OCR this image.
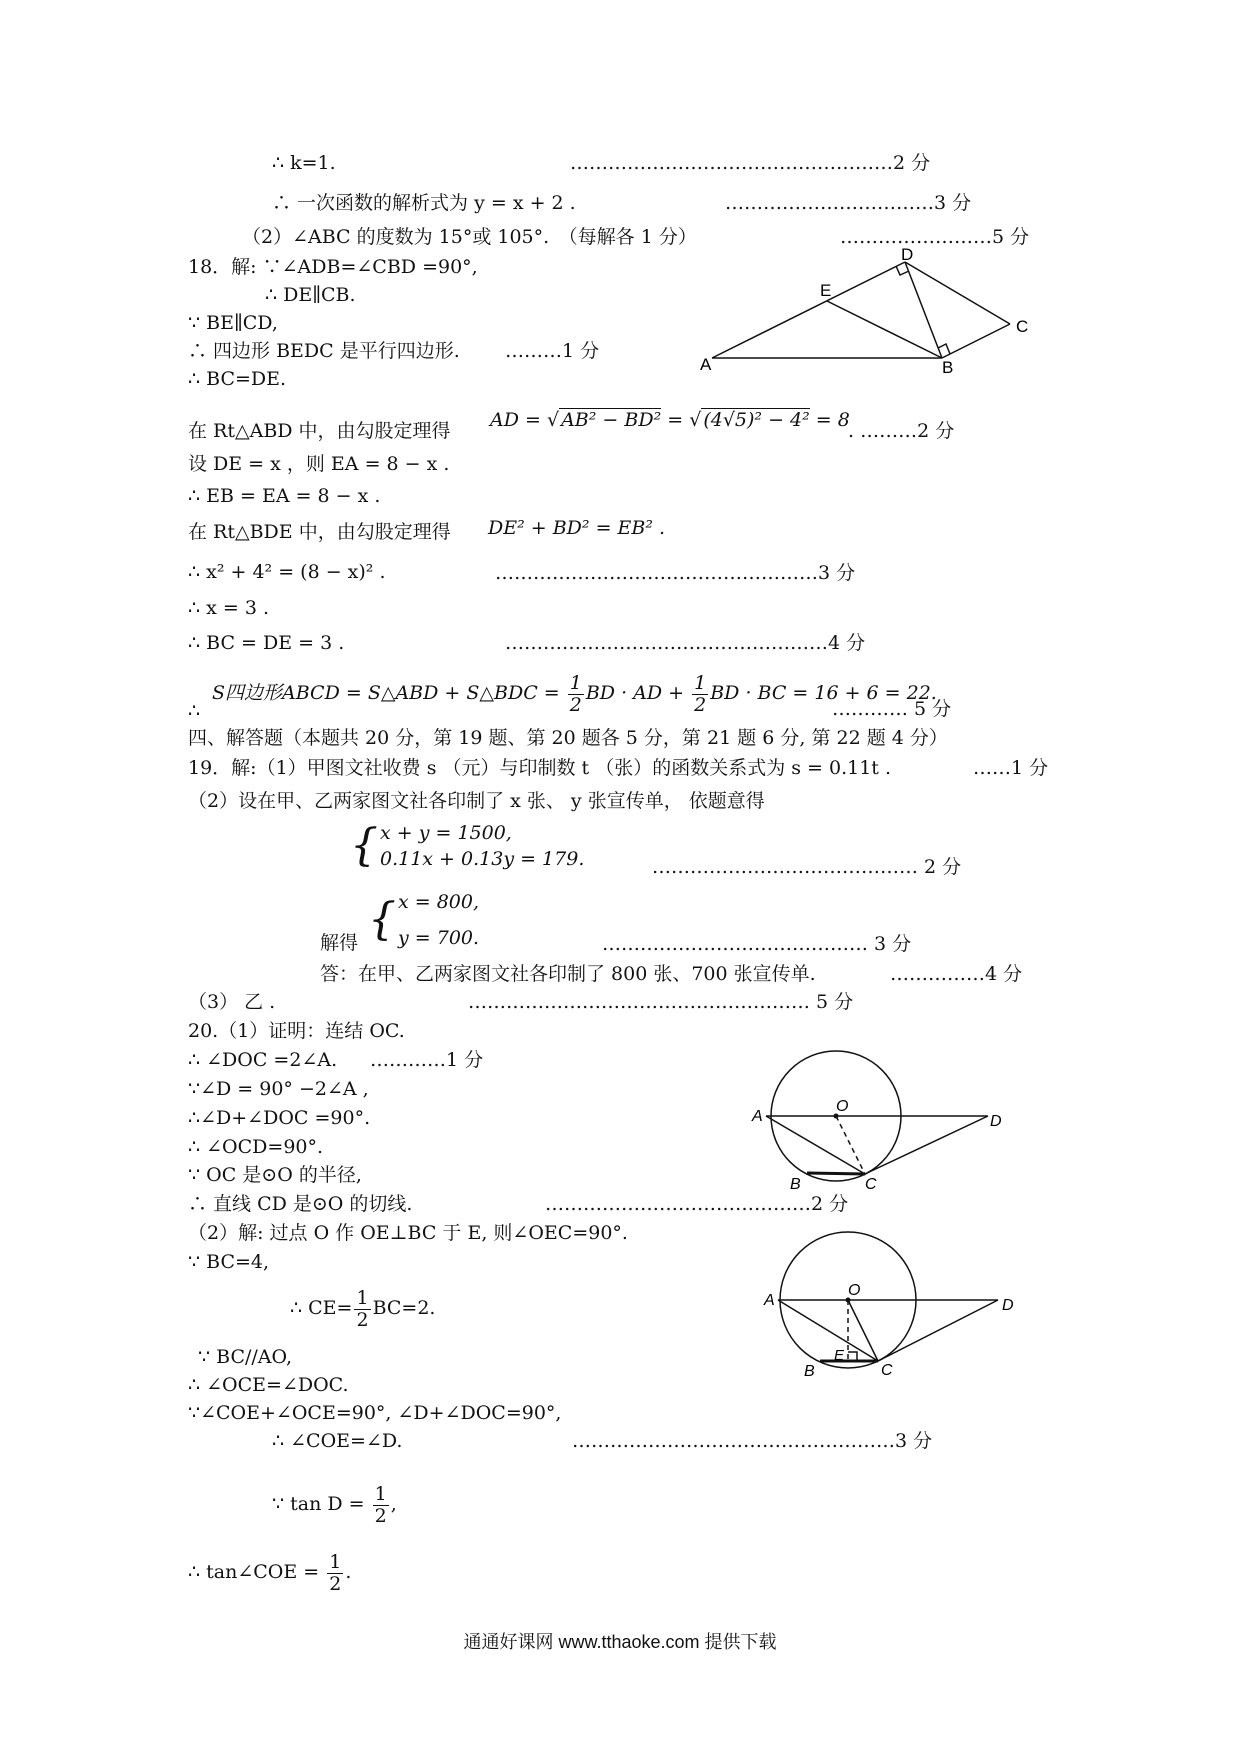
∴ k=1.	……………………………………………2 分
∴ 一次函数的解析式为 y = x + 2 .	……………………………3 分
（2）∠ABC 的度数为 15°或 105°.　（每解各 1 分）	……………………5 分
18．解: ∵∠ADB=∠CBD =90°,
∴ DE∥CB.
∵ BE∥CD,
∴ 四边形 BEDC 是平行四边形. ………1 分
∴ BC=DE.
A	B
C
D
E
在 Rt△ABD 中，由勾股定理得 AD = √ AB² − BD² = √ (4√5)² − 4² = 8
. ………2 分
设 DE = x ，则 EA = 8 − x .
∴ EB = EA = 8 − x .
在 Rt△BDE 中，由勾股定理得 DE² + BD² = EB² .
∴ x² + 4² = (8 − x)² .	……………………………………………3 分
∴ x = 3 .
∴ BC = DE = 3 .	……………………………………………4 分
∴
S四边形ABCD = S△ABD + S△BDC = $\frac{1}{2}$ BD · AD + $\frac{1}{2}$ BD · BC = 16 + 6 = 22.
………… 5 分
四、解答题（本题共 20 分，第 19 题、第 20 题各 5 分，第 21 题 6 分, 第 22 题 4 分）
19．解:（1）甲图文社收费 s （元）与印制数 t （张）的函数关系式为 s = 0.11t .	……1 分
（2）设在甲、乙两家图文社各印制了 x 张、 y 张宣传单， 依题意得
{ x + y = 1500,
0.11x + 0.13y = 179.	…………………………………… 2 分
解得 { x = 800,
y = 700.	…………………………………… 3 分
答：在甲、乙两家图文社各印制了 800 张、700 张宣传单.	……………4 分
（3） 乙 .	……………………………………………… 5 分
20.（1）证明：连结 OC.
∴ ∠DOC =2∠A. …………1 分
∵∠D = 90° −2∠A ,
∴∠D+∠DOC =90°.
∴ ∠OCD=90°.
∵ OC 是⊙O 的半径,
∴ 直线 CD 是⊙O 的切线.	……………………………………2 分
A
O
D
B	C
（2）解: 过点 O 作 OE⊥BC 于 E, 则∠OEC=90°.
∵ BC=4,
∴ $CE= \frac{1}{2} BC=2$.
∵ BC//AO,
∴ ∠OCE=∠DOC.
∵∠COE+∠OCE=90°, ∠D+∠DOC=90°,
∴ ∠COE=∠D.	……………………………………………3 分
∵ $\tan D = \frac{1}{2}$ ,
∴ tan∠COE = $\frac{1}{2}$ .
A
O
D
B	C
E
通通好课网 www.tthaoke.com 提供下载
